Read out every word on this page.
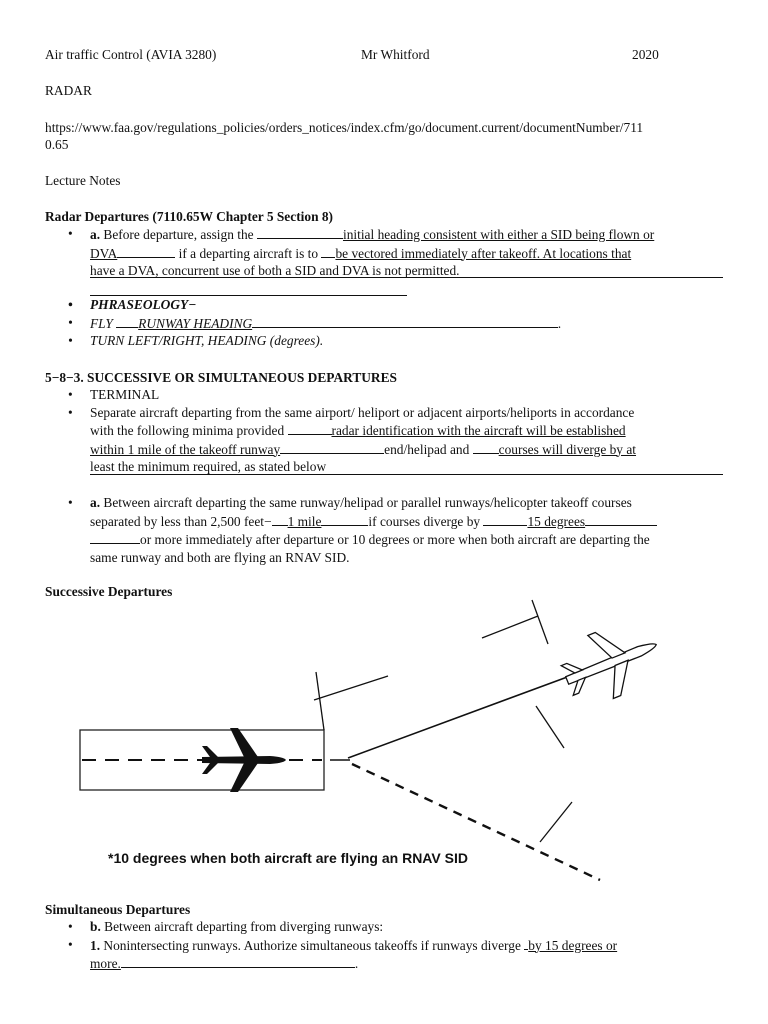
Air traffic Control (AVIA 3280)	Mr Whitford	2020
RADAR
https://www.faa.gov/regulations_policies/orders_notices/index.cfm/go/document.current/documentNumber/711
0.65
Lecture Notes
Radar Departures (7110.65W Chapter 5 Section 8)
• a. Before departure, assign the	initial heading consistent with either a SID being flown or
DVA	if a departing aircraft is to be vectored immediately after takeoff. At locations that
have a DVA, concurrent use of both a SID and DVA is not permitted.
• PHRASEOLOGY−
• FLY RUNWAY HEADING	.
• TURN LEFT/RIGHT, HEADING (degrees).
5−8−3. SUCCESSIVE OR SIMULTANEOUS DEPARTURES
• TERMINAL
• Separate aircraft departing from the same airport/ heliport or adjacent airports/heliports in accordance
with the following minima provided	radar identification with the aircraft will be established
within 1 mile of the takeoff runway	end/helipad and courses will diverge by at
least the minimum required, as stated below
• a. Between aircraft departing the same runway/helipad or parallel runways/helicopter takeoff courses
separated by less than 2,500 feet− 1 mile	if courses diverge by	15 degrees
or more immediately after departure or 10 degrees or more when both aircraft are departing the
same runway and both are flying an RNAV SID.
Successive Departures
*10 degrees when both aircraft are flying an RNAV SID
Simultaneous Departures
• b. Between aircraft departing from diverging runways:
• 1. Nonintersecting runways. Authorize simultaneous takeoffs if runways diverge by 15 degrees or
more.	.
